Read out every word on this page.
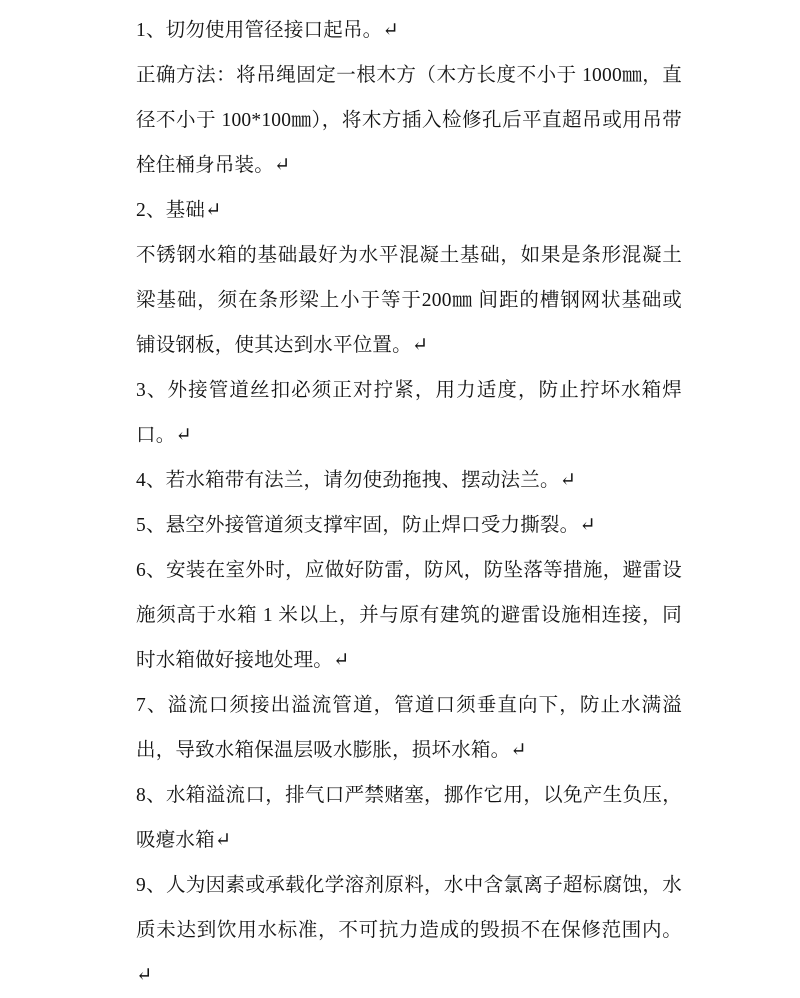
1、切勿使用管径接口起吊。↵

正确方法：将吊绳固定一根木方（木方长度不小于 1000㎜，直径不小于 100*100㎜），将木方插入检修孔后平直超吊或用吊带栓住桶身吊装。↵

2、基础↵

不锈钢水箱的基础最好为水平混凝土基础，如果是条形混凝土梁基础，须在条形梁上小于等于200㎜ 间距的槽钢网状基础或铺设钢板，使其达到水平位置。↵

3、外接管道丝扣必须正对拧紧，用力适度，防止拧坏水箱焊口。↵

4、若水箱带有法兰，请勿使劲拖拽、摆动法兰。↵

5、悬空外接管道须支撑牢固，防止焊口受力撕裂。↵

6、安装在室外时，应做好防雷，防风，防坠落等措施，避雷设施须高于水箱 1 米以上，并与原有建筑的避雷设施相连接，同时水箱做好接地处理。↵

7、溢流口须接出溢流管道，管道口须垂直向下，防止水满溢出，导致水箱保温层吸水膨胀，损坏水箱。↵

8、水箱溢流口，排气口严禁赌塞，挪作它用，以免产生负压，吸瘪水箱↵

9、人为因素或承载化学溶剂原料，水中含氯离子超标腐蚀，水质未达到饮用水标准，不可抗力造成的毁损不在保修范围内。↵
